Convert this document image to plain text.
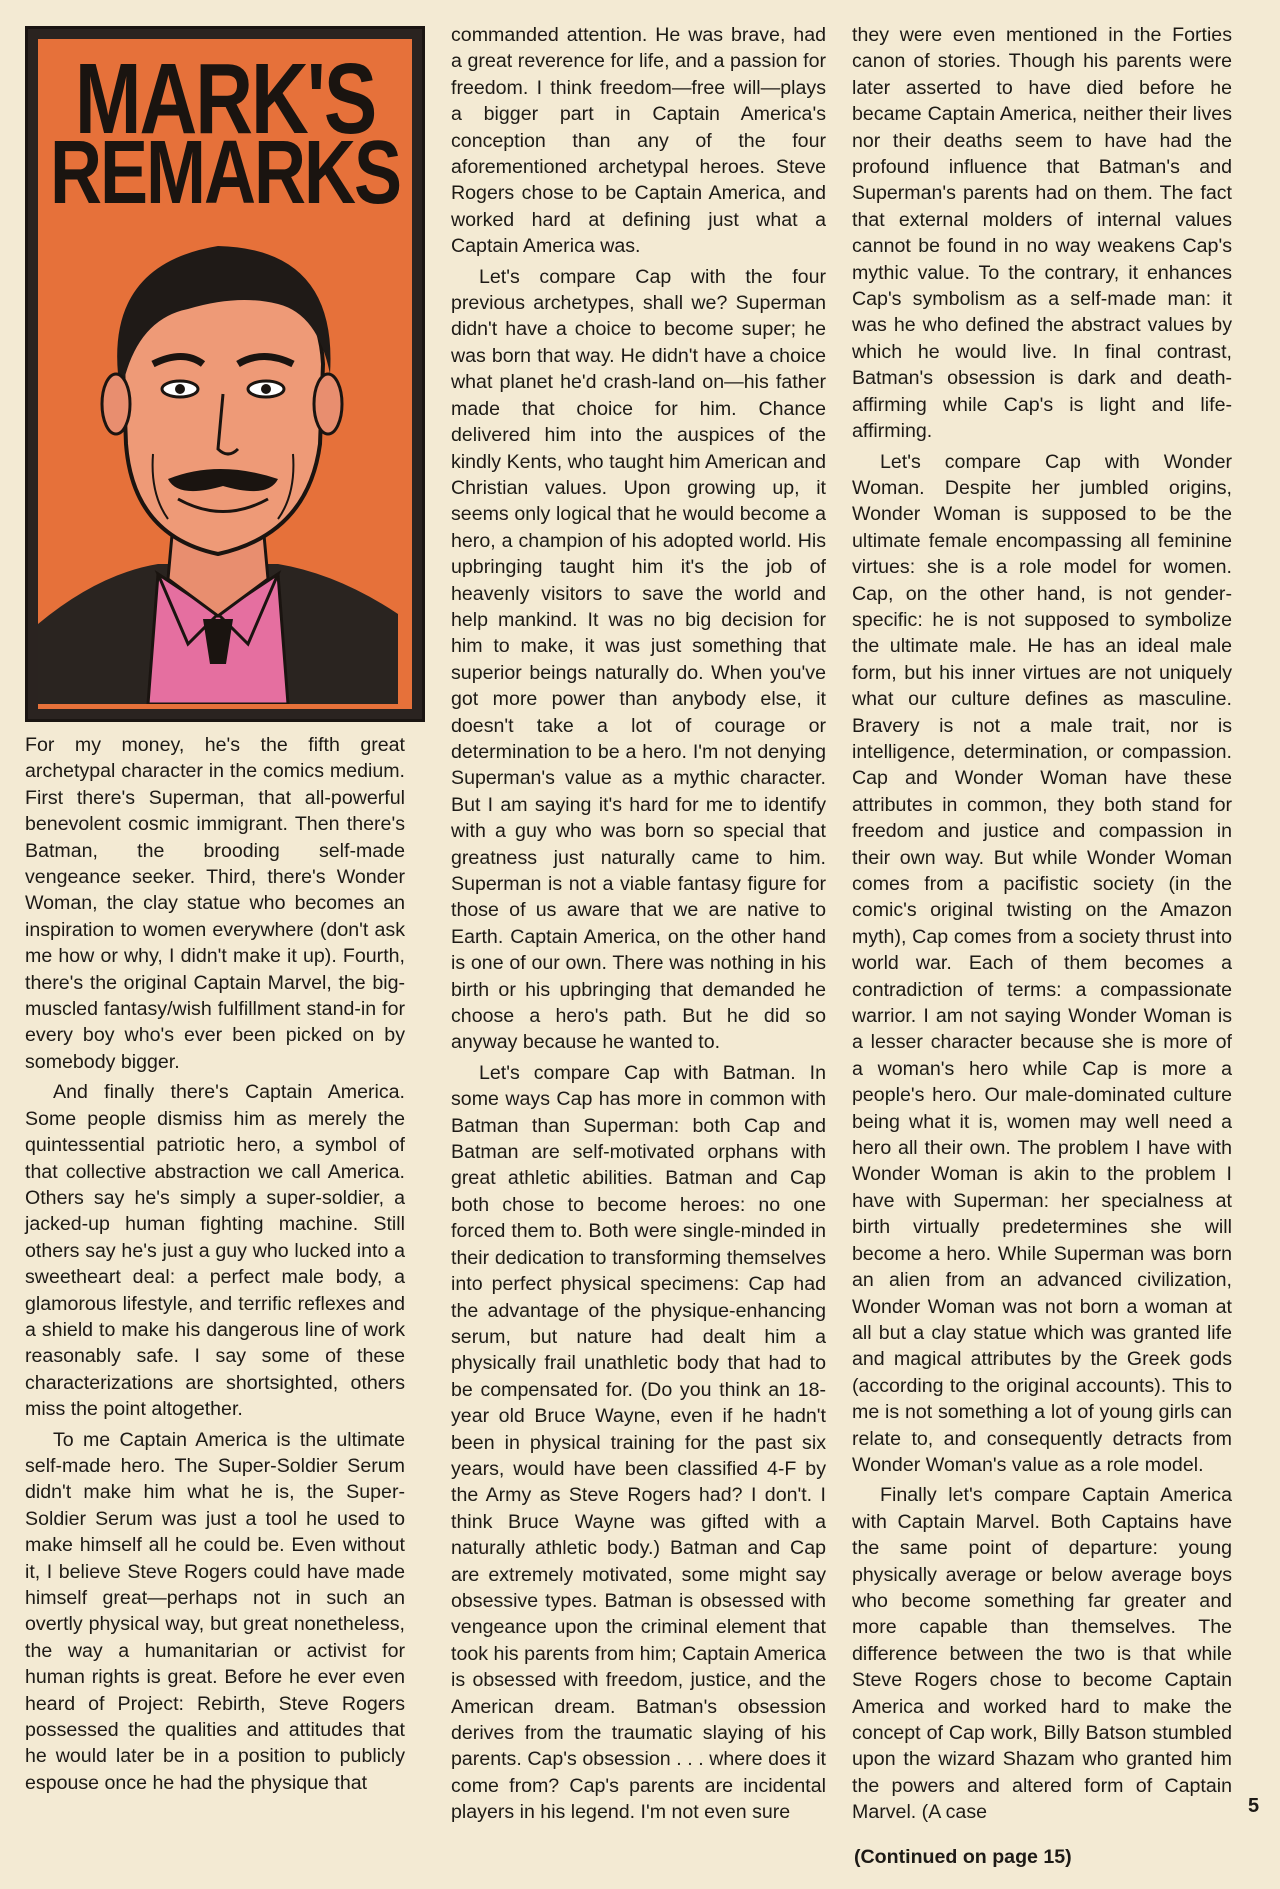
MARK'S
REMARKS

For my money, he's the fifth great archetypal character in the comics medium. First there's Superman, that all-powerful benevolent cosmic immigrant. Then there's Batman, the brooding self-made vengeance seeker. Third, there's Wonder Woman, the clay statue who becomes an inspiration to women everywhere (don't ask me how or why, I didn't make it up). Fourth, there's the original Captain Marvel, the big-muscled fantasy/wish fulfillment stand-in for every boy who's ever been picked on by somebody bigger.

And finally there's Captain America. Some people dismiss him as merely the quintessential patriotic hero, a symbol of that collective abstraction we call America. Others say he's simply a super-soldier, a jacked-up human fighting machine. Still others say he's just a guy who lucked into a sweetheart deal: a perfect male body, a glamorous lifestyle, and terrific reflexes and a shield to make his dangerous line of work reasonably safe. I say some of these characterizations are shortsighted, others miss the point altogether.

To me Captain America is the ultimate self-made hero. The Super-Soldier Serum didn't make him what he is, the Super-Soldier Serum was just a tool he used to make himself all he could be. Even without it, I believe Steve Rogers could have made himself great—perhaps not in such an overtly physical way, but great nonetheless, the way a humanitarian or activist for human rights is great. Before he ever even heard of Project: Rebirth, Steve Rogers possessed the qualities and attitudes that he would later be in a position to publicly espouse once he had the physique that

commanded attention. He was brave, had a great reverence for life, and a passion for freedom. I think freedom—free will—plays a bigger part in Captain America's conception than any of the four aforementioned archetypal heroes. Steve Rogers chose to be Captain America, and worked hard at defining just what a Captain America was.

Let's compare Cap with the four previous archetypes, shall we? Superman didn't have a choice to become super; he was born that way. He didn't have a choice what planet he'd crash-land on—his father made that choice for him. Chance delivered him into the auspices of the kindly Kents, who taught him American and Christian values. Upon growing up, it seems only logical that he would become a hero, a champion of his adopted world. His upbringing taught him it's the job of heavenly visitors to save the world and help mankind. It was no big decision for him to make, it was just something that superior beings naturally do. When you've got more power than anybody else, it doesn't take a lot of courage or determination to be a hero. I'm not denying Superman's value as a mythic character. But I am saying it's hard for me to identify with a guy who was born so special that greatness just naturally came to him. Superman is not a viable fantasy figure for those of us aware that we are native to Earth. Captain America, on the other hand is one of our own. There was nothing in his birth or his upbringing that demanded he choose a hero's path. But he did so anyway because he wanted to.

Let's compare Cap with Batman. In some ways Cap has more in common with Batman than Superman: both Cap and Batman are self-motivated orphans with great athletic abilities. Batman and Cap both chose to become heroes: no one forced them to. Both were single-minded in their dedication to transforming themselves into perfect physical specimens: Cap had the advantage of the physique-enhancing serum, but nature had dealt him a physically frail unathletic body that had to be compensated for. (Do you think an 18-year old Bruce Wayne, even if he hadn't been in physical training for the past six years, would have been classified 4-F by the Army as Steve Rogers had? I don't. I think Bruce Wayne was gifted with a naturally athletic body.) Batman and Cap are extremely motivated, some might say obsessive types. Batman is obsessed with vengeance upon the criminal element that took his parents from him; Captain America is obsessed with freedom, justice, and the American dream. Batman's obsession derives from the traumatic slaying of his parents. Cap's obsession . . . where does it come from? Cap's parents are incidental players in his legend. I'm not even sure

they were even mentioned in the Forties canon of stories. Though his parents were later asserted to have died before he became Captain America, neither their lives nor their deaths seem to have had the profound influence that Batman's and Superman's parents had on them. The fact that external molders of internal values cannot be found in no way weakens Cap's mythic value. To the contrary, it enhances Cap's symbolism as a self-made man: it was he who defined the abstract values by which he would live. In final contrast, Batman's obsession is dark and death-affirming while Cap's is light and life-affirming.

Let's compare Cap with Wonder Woman. Despite her jumbled origins, Wonder Woman is supposed to be the ultimate female encompassing all feminine virtues: she is a role model for women. Cap, on the other hand, is not gender-specific: he is not supposed to symbolize the ultimate male. He has an ideal male form, but his inner virtues are not uniquely what our culture defines as masculine. Bravery is not a male trait, nor is intelligence, determination, or compassion. Cap and Wonder Woman have these attributes in common, they both stand for freedom and justice and compassion in their own way. But while Wonder Woman comes from a pacifistic society (in the comic's original twisting on the Amazon myth), Cap comes from a society thrust into world war. Each of them becomes a contradiction of terms: a compassionate warrior. I am not saying Wonder Woman is a lesser character because she is more of a woman's hero while Cap is more a people's hero. Our male-dominated culture being what it is, women may well need a hero all their own. The problem I have with Wonder Woman is akin to the problem I have with Superman: her specialness at birth virtually predetermines she will become a hero. While Superman was born an alien from an advanced civilization, Wonder Woman was not born a woman at all but a clay statue which was granted life and magical attributes by the Greek gods (according to the original accounts). This to me is not something a lot of young girls can relate to, and consequently detracts from Wonder Woman's value as a role model.

Finally let's compare Captain America with Captain Marvel. Both Captains have the same point of departure: young physically average or below average boys who become something far greater and more capable than themselves. The difference between the two is that while Steve Rogers chose to become Captain America and worked hard to make the concept of Cap work, Billy Batson stumbled upon the wizard Shazam who granted him the powers and altered form of Captain Marvel. (A case	5
(Continued on page 15)
